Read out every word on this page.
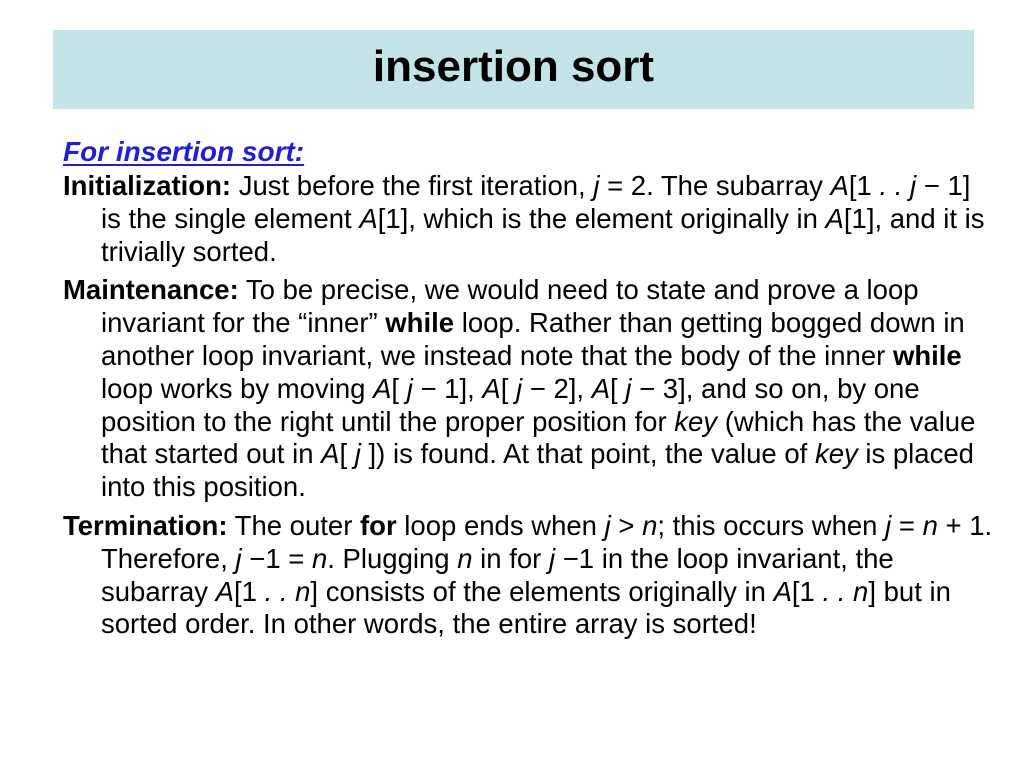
insertion sort
For insertion sort:

Initialization: Just before the first iteration, j = 2. The subarray A[1 . . j − 1] is the single element A[1], which is the element originally in A[1], and it is trivially sorted.

Maintenance: To be precise, we would need to state and prove a loop invariant for the “inner” while loop. Rather than getting bogged down in another loop invariant, we instead note that the body of the inner while loop works by moving A[ j − 1], A[ j − 2], A[ j − 3], and so on, by one position to the right until the proper position for key (which has the value that started out in A[ j ]) is found. At that point, the value of key is placed into this position.

Termination: The outer for loop ends when j > n; this occurs when j = n + 1. Therefore, j −1 = n. Plugging n in for j −1 in the loop invariant, the subarray A[1 . . n] consists of the elements originally in A[1 . . n] but in sorted order. In other words, the entire array is sorted!
